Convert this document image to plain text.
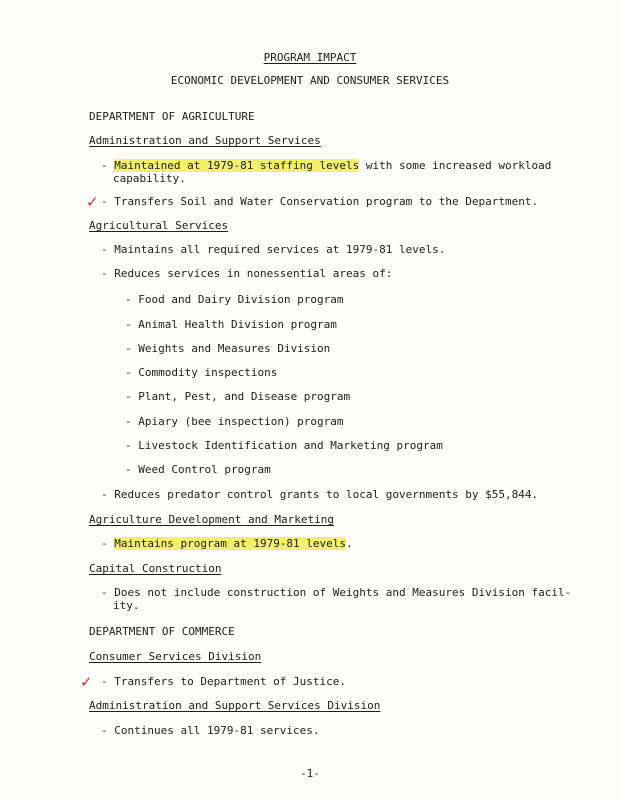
PROGRAM IMPACT
ECONOMIC DEVELOPMENT AND CONSUMER SERVICES
DEPARTMENT OF AGRICULTURE
Administration and Support Services
- Maintained at 1979-81 staffing levels with some increased workload
capability.
✓ - Transfers Soil and Water Conservation program to the Department.
Agricultural Services
- Maintains all required services at 1979-81 levels.
- Reduces services in nonessential areas of:
- Food and Dairy Division program
- Animal Health Division program
- Weights and Measures Division
- Commodity inspections
- Plant, Pest, and Disease program
- Apiary (bee inspection) program
- Livestock Identification and Marketing program
- Weed Control program
- Reduces predator control grants to local governments by $55,844.
Agriculture Development and Marketing
- Maintains program at 1979-81 levels.
Capital Construction
- Does not include construction of Weights and Measures Division facil-
ity.
DEPARTMENT OF COMMERCE
Consumer Services Division
✓ - Transfers to Department of Justice.
Administration and Support Services Division
- Continues all 1979-81 services.
-1-
